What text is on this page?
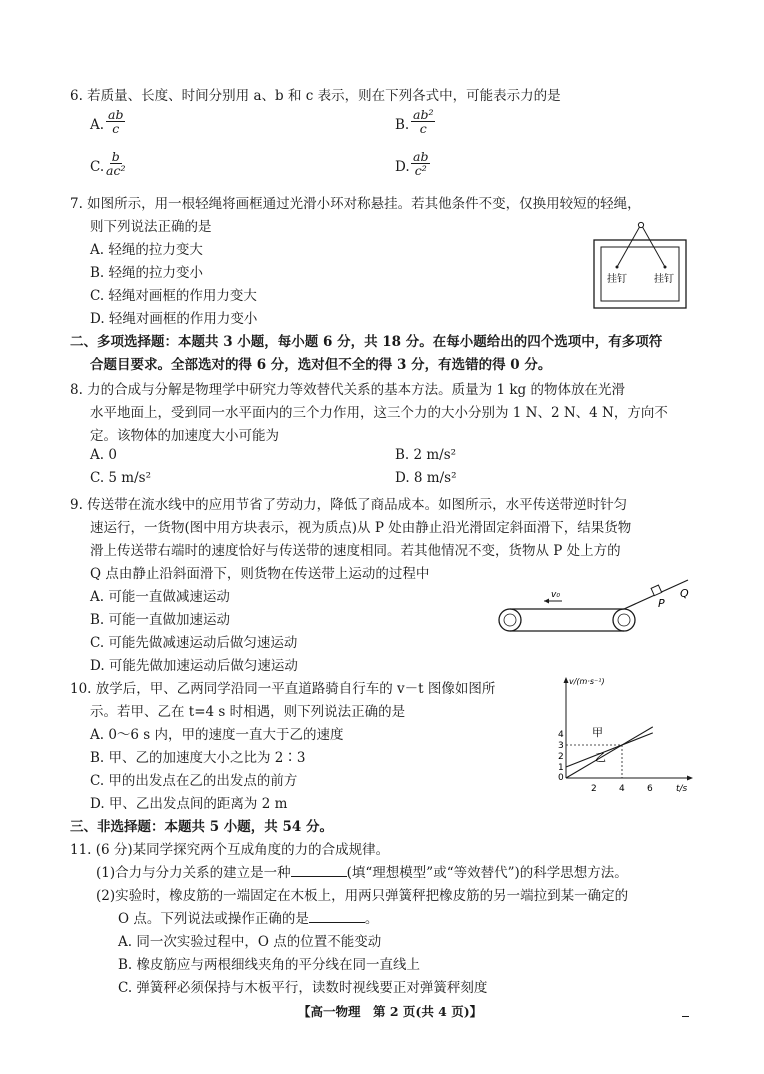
6. 若质量、长度、时间分别用 a、b 和 c 表示，则在下列各式中，可能表示力的是
A. $\frac{ab}{c}$	B. $\frac{\text{ab²}}{c}$
C. $\frac{b}{\text{ac²}}$	D. $\frac{ab}{\text{c²}}$
7. 如图所示，用一根轻绳将画框通过光滑小环对称悬挂。若其他条件不变，仅换用较短的轻绳，
则下列说法正确的是
A. 轻绳的拉力变大
B. 轻绳的拉力变小
C. 轻绳对画框的作用力变大
D. 轻绳对画框的作用力变小
挂钉	挂钉
二、多项选择题：本题共 3 小题，每小题 6 分，共 18 分。在每小题给出的四个选项中，有多项符
合题目要求。全部选对的得 6 分，选对但不全的得 3 分，有选错的得 0 分。
8. 力的合成与分解是物理学中研究力等效替代关系的基本方法。质量为 1 kg 的物体放在光滑
水平地面上，受到同一水平面内的三个力作用，这三个力的大小分别为 1 N、2 N、4 N，方向不
定。该物体的加速度大小可能为
A. 0	B. 2 m/s²
C. 5 m/s²	D. 8 m/s²
9. 传送带在流水线中的应用节省了劳动力，降低了商品成本。如图所示，水平传送带逆时针匀
速运行，一货物(图中用方块表示，视为质点)从 P 处由静止沿光滑固定斜面滑下，结果货物
滑上传送带右端时的速度恰好与传送带的速度相同。若其他情况不变，货物从 P 处上方的
Q 点由静止沿斜面滑下，则货物在传送带上运动的过程中
A. 可能一直做减速运动
B. 可能一直做加速运动
C. 可能先做减速运动后做匀速运动
D. 可能先做加速运动后做匀速运动
v₀
P
Q
10. 放学后，甲、乙两同学沿同一平直道路骑自行车的 v－t 图像如图所
示。若甲、乙在 t=4 s 时相遇，则下列说法正确的是
A. 0～6 s 内，甲的速度一直大于乙的速度
B. 甲、乙的加速度大小之比为 2∶3
C. 甲的出发点在乙的出发点的前方
D. 甲、乙出发点间的距离为 2 m
v/(m·s⁻¹)
t/s
0
2 4 6
1
2
3
4	甲
乙
三、非选择题：本题共 5 小题，共 54 分。
11. (6 分)某同学探究两个互成角度的力的合成规律。
(1)合力与分力关系的建立是一种	(填“理想模型”或“等效替代”)的科学思想方法。
(2)实验时，橡皮筋的一端固定在木板上，用两只弹簧秤把橡皮筋的另一端拉到某一确定的
O 点。下列说法或操作正确的是	。
A. 同一次实验过程中，O 点的位置不能变动
B. 橡皮筋应与两根细线夹角的平分线在同一直线上
C. 弹簧秤必须保持与木板平行，读数时视线要正对弹簧秤刻度
【高一物理　第 2 页(共 4 页)】
